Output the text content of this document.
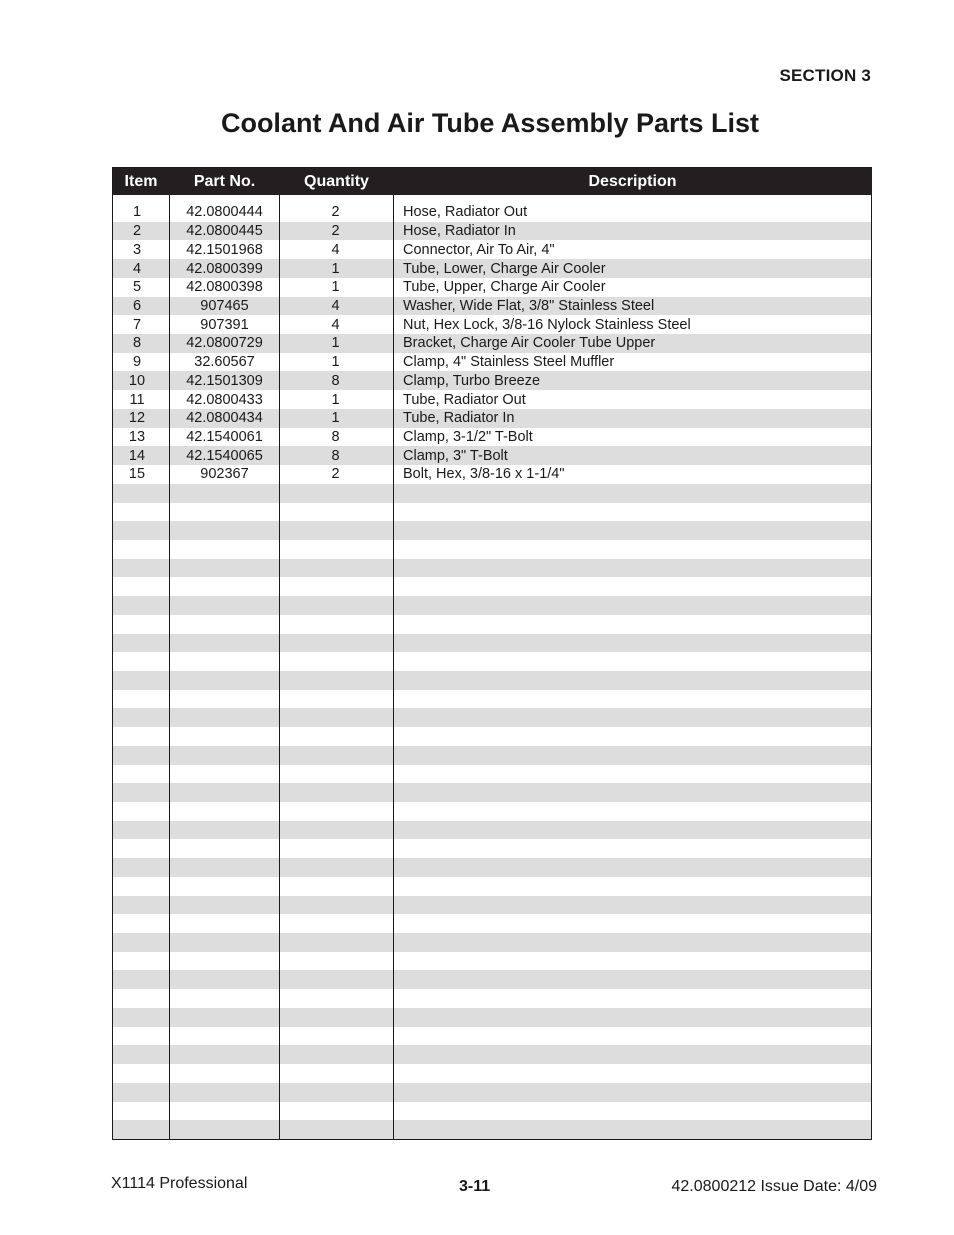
SECTION 3
Coolant And Air Tube Assembly Parts List
Item	Part No.	Quantity	Description

1	42.0800444	2	Hose, Radiator Out
2	42.0800445	2	Hose, Radiator In
3	42.1501968	4	Connector, Air To Air, 4"
4	42.0800399	1	Tube, Lower, Charge Air Cooler
5	42.0800398	1	Tube, Upper, Charge Air Cooler
6	907465	4	Washer, Wide Flat, 3/8" Stainless Steel
7	907391	4	Nut, Hex Lock, 3/8-16 Nylock Stainless Steel
8	42.0800729	1	Bracket, Charge Air Cooler Tube Upper
9	32.60567	1	Clamp, 4" Stainless Steel Muffler
10	42.1501309	8	Clamp, Turbo Breeze
11	42.0800433	1	Tube, Radiator Out
12	42.0800434	1	Tube, Radiator In
13	42.1540061	8	Clamp, 3-1/2" T-Bolt
14	42.1540065	8	Clamp, 3" T-Bolt
15	902367	2	Bolt, Hex, 3/8-16 x 1-1/4"

X1114 Professional	3-11	42.0800212 Issue Date: 4/09
